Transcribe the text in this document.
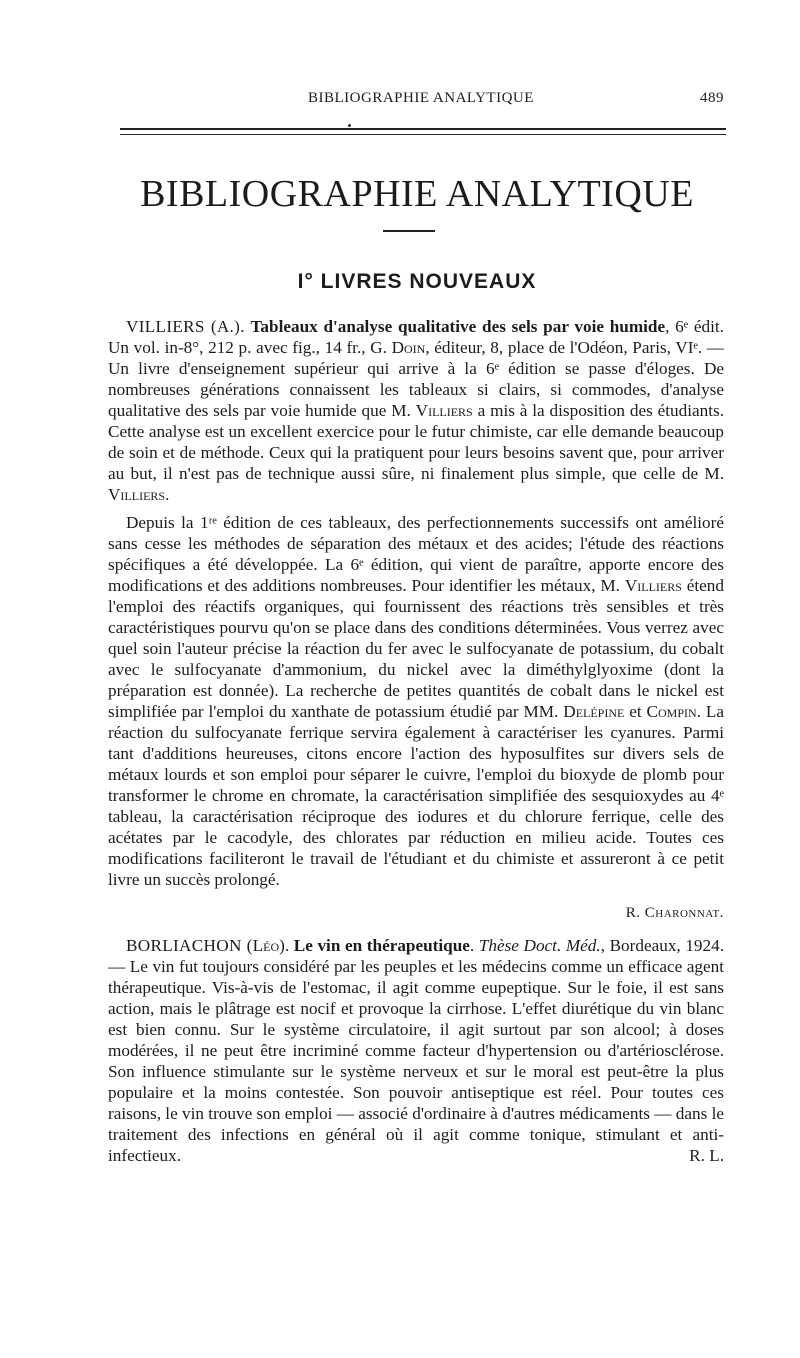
BIBLIOGRAPHIE ANALYTIQUE	489
BIBLIOGRAPHIE ANALYTIQUE
I° LIVRES NOUVEAUX

VILLIERS (A.). Tableaux d'analyse qualitative des sels par voie humide, 6ᵉ édit. Un vol. in-8°, 212 p. avec fig., 14 fr., G. Doin, éditeur, 8, place de l'Odéon, Paris, VIᵉ. — Un livre d'enseignement supérieur qui arrive à la 6ᵉ édition se passe d'éloges. De nombreuses générations connaissent les tableaux si clairs, si commodes, d'analyse qualitative des sels par voie humide que M. Villiers a mis à la disposition des étudiants. Cette analyse est un excellent exercice pour le futur chimiste, car elle demande beaucoup de soin et de méthode. Ceux qui la pratiquent pour leurs besoins savent que, pour arriver au but, il n'est pas de technique aussi sûre, ni finalement plus simple, que celle de M. Villiers.

Depuis la 1ʳᵉ édition de ces tableaux, des perfectionnements successifs ont amélioré sans cesse les méthodes de séparation des métaux et des acides; l'étude des réactions spécifiques a été développée. La 6ᵉ édition, qui vient de paraître, apporte encore des modifications et des additions nombreuses. Pour identifier les métaux, M. Villiers étend l'emploi des réactifs organiques, qui fournissent des réactions très sensibles et très caractéristiques pourvu qu'on se place dans des conditions déterminées. Vous verrez avec quel soin l'auteur précise la réaction du fer avec le sulfocyanate de potassium, du cobalt avec le sulfocyanate d'ammonium, du nickel avec la diméthylglyoxime (dont la préparation est donnée). La recherche de petites quantités de cobalt dans le nickel est simplifiée par l'emploi du xanthate de potassium étudié par MM. Delépine et Compin. La réaction du sulfocyanate ferrique servira également à caractériser les cyanures. Parmi tant d'additions heureuses, citons encore l'action des hyposulfites sur divers sels de métaux lourds et son emploi pour séparer le cuivre, l'emploi du bioxyde de plomb pour transformer le chrome en chromate, la caractérisation simplifiée des sesquioxydes au 4ᵉ tableau, la caractérisation réciproque des iodures et du chlorure ferrique, celle des acétates par le cacodyle, des chlorates par réduction en milieu acide. Toutes ces modifications faciliteront le travail de l'étudiant et du chimiste et assureront à ce petit livre un succès prolongé.

R. Charonnat.

BORLIACHON (Léo). Le vin en thérapeutique. Thèse Doct. Méd., Bordeaux, 1924. — Le vin fut toujours considéré par les peuples et les médecins comme un efficace agent thérapeutique. Vis-à-vis de l'estomac, il agit comme eupeptique. Sur le foie, il est sans action, mais le plâtrage est nocif et provoque la cirrhose. L'effet diurétique du vin blanc est bien connu. Sur le système circulatoire, il agit surtout par son alcool; à doses modérées, il ne peut être incriminé comme facteur d'hypertension ou d'artériosclérose. Son influence stimulante sur le système nerveux et sur le moral est peut-être la plus populaire et la moins contestée. Son pouvoir antiseptique est réel. Pour toutes ces raisons, le vin trouve son emploi — associé d'ordinaire à d'autres médicaments — dans le traitement des infections en général où il agit comme tonique, stimulant et anti-infectieux.	R. L.
